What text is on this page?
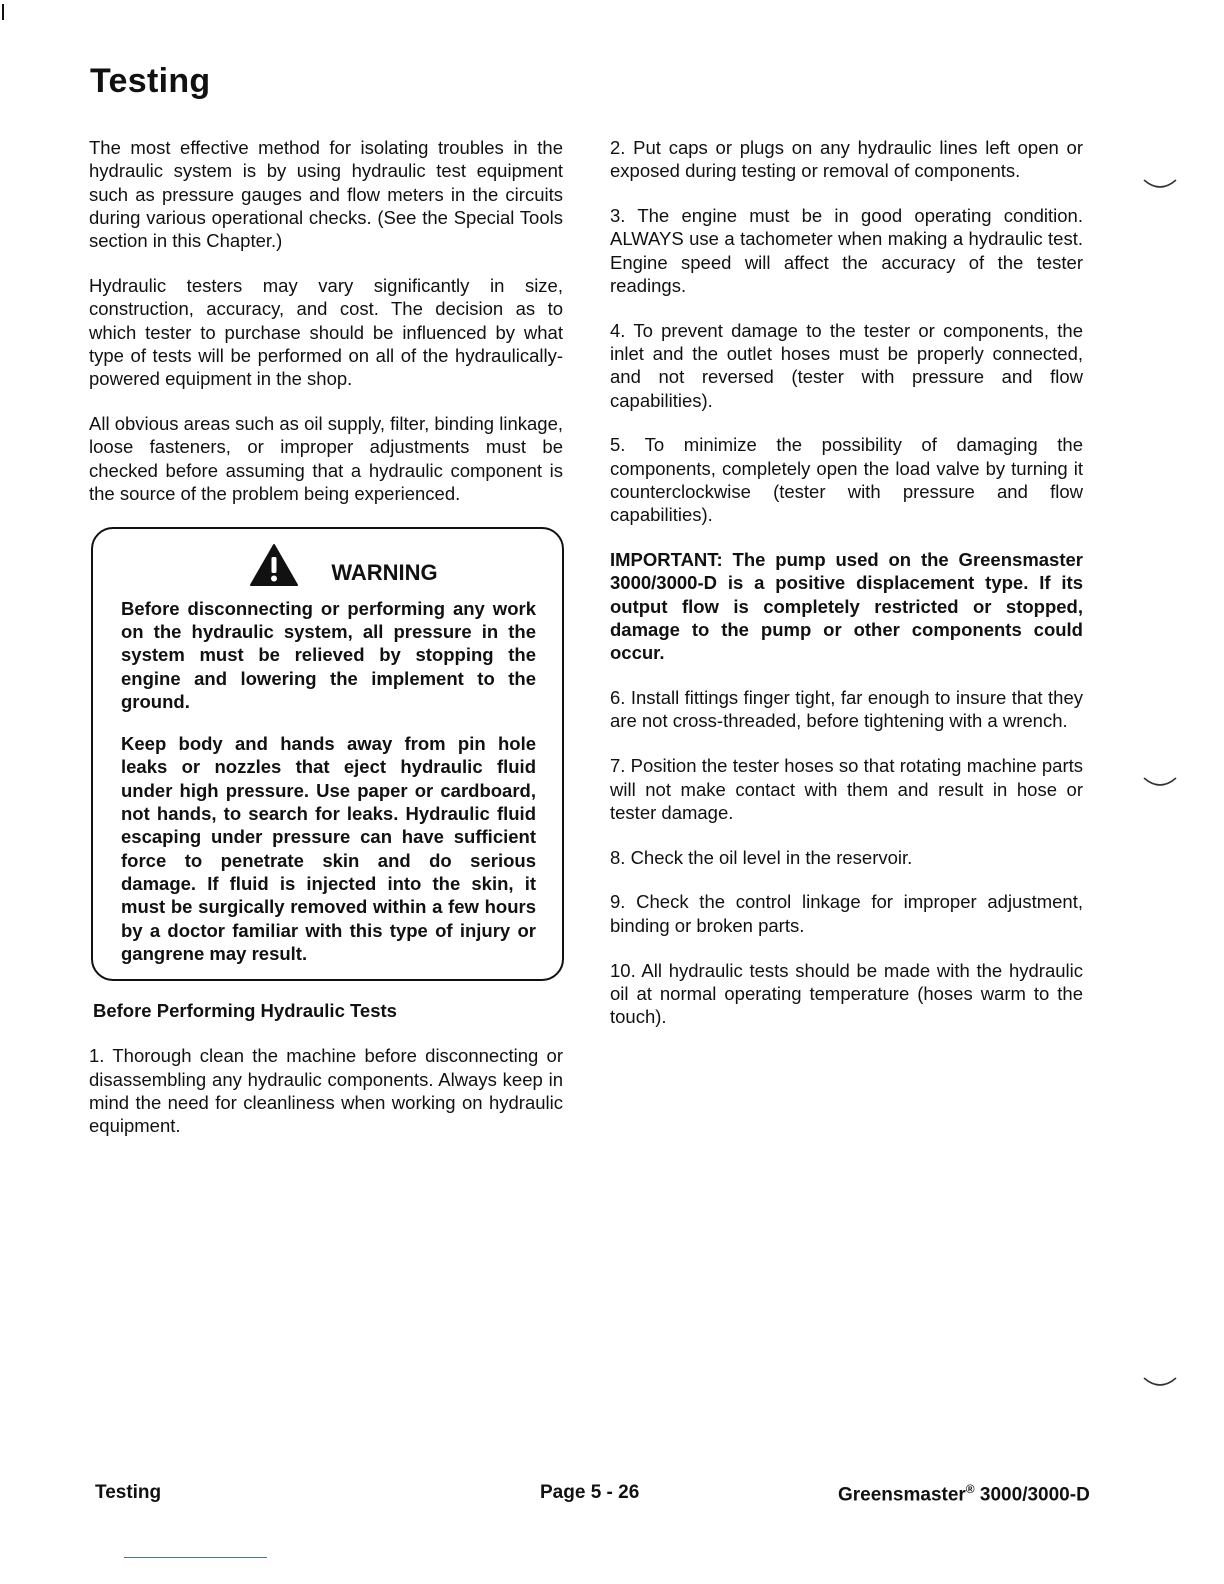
Testing

The most effective method for isolating troubles in the hydraulic system is by using hydraulic test equipment such as pressure gauges and flow meters in the circuits during various operational checks. (See the Special Tools section in this Chapter.)

Hydraulic testers may vary significantly in size, construction, accuracy, and cost. The decision as to which tester to purchase should be influenced by what type of tests will be performed on all of the hydraulically-powered equipment in the shop.

All obvious areas such as oil supply, filter, binding linkage, loose fasteners, or improper adjustments must be checked before assuming that a hydraulic component is the source of the problem being experienced.

WARNING

Before disconnecting or performing any work on the hydraulic system, all pressure in the system must be relieved by stopping the engine and lowering the implement to the ground.

Keep body and hands away from pin hole leaks or nozzles that eject hydraulic fluid under high pressure. Use paper or cardboard, not hands, to search for leaks. Hydraulic fluid escaping under pressure can have sufficient force to penetrate skin and do serious damage. If fluid is injected into the skin, it must be surgically removed within a few hours by a doctor familiar with this type of injury or gangrene may result.

Before Performing Hydraulic Tests

1. Thorough clean the machine before disconnecting or disassembling any hydraulic components. Always keep in mind the need for cleanliness when working on hydraulic equipment.

2. Put caps or plugs on any hydraulic lines left open or exposed during testing or removal of components.

3. The engine must be in good operating condition. ALWAYS use a tachometer when making a hydraulic test. Engine speed will affect the accuracy of the tester readings.

4. To prevent damage to the tester or components, the inlet and the outlet hoses must be properly connected, and not reversed (tester with pressure and flow capabilities).

5. To minimize the possibility of damaging the components, completely open the load valve by turning it counterclockwise (tester with pressure and flow capabilities).

IMPORTANT: The pump used on the Greensmaster 3000/3000-D is a positive displacement type. If its output flow is completely restricted or stopped, damage to the pump or other components could occur.

6. Install fittings finger tight, far enough to insure that they are not cross-threaded, before tightening with a wrench.

7. Position the tester hoses so that rotating machine parts will not make contact with them and result in hose or tester damage.

8. Check the oil level in the reservoir.

9. Check the control linkage for improper adjustment, binding or broken parts.

10. All hydraulic tests should be made with the hydraulic oil at normal operating temperature (hoses warm to the touch).

Testing	Page 5 - 26	Greensmaster® 3000/3000-D
